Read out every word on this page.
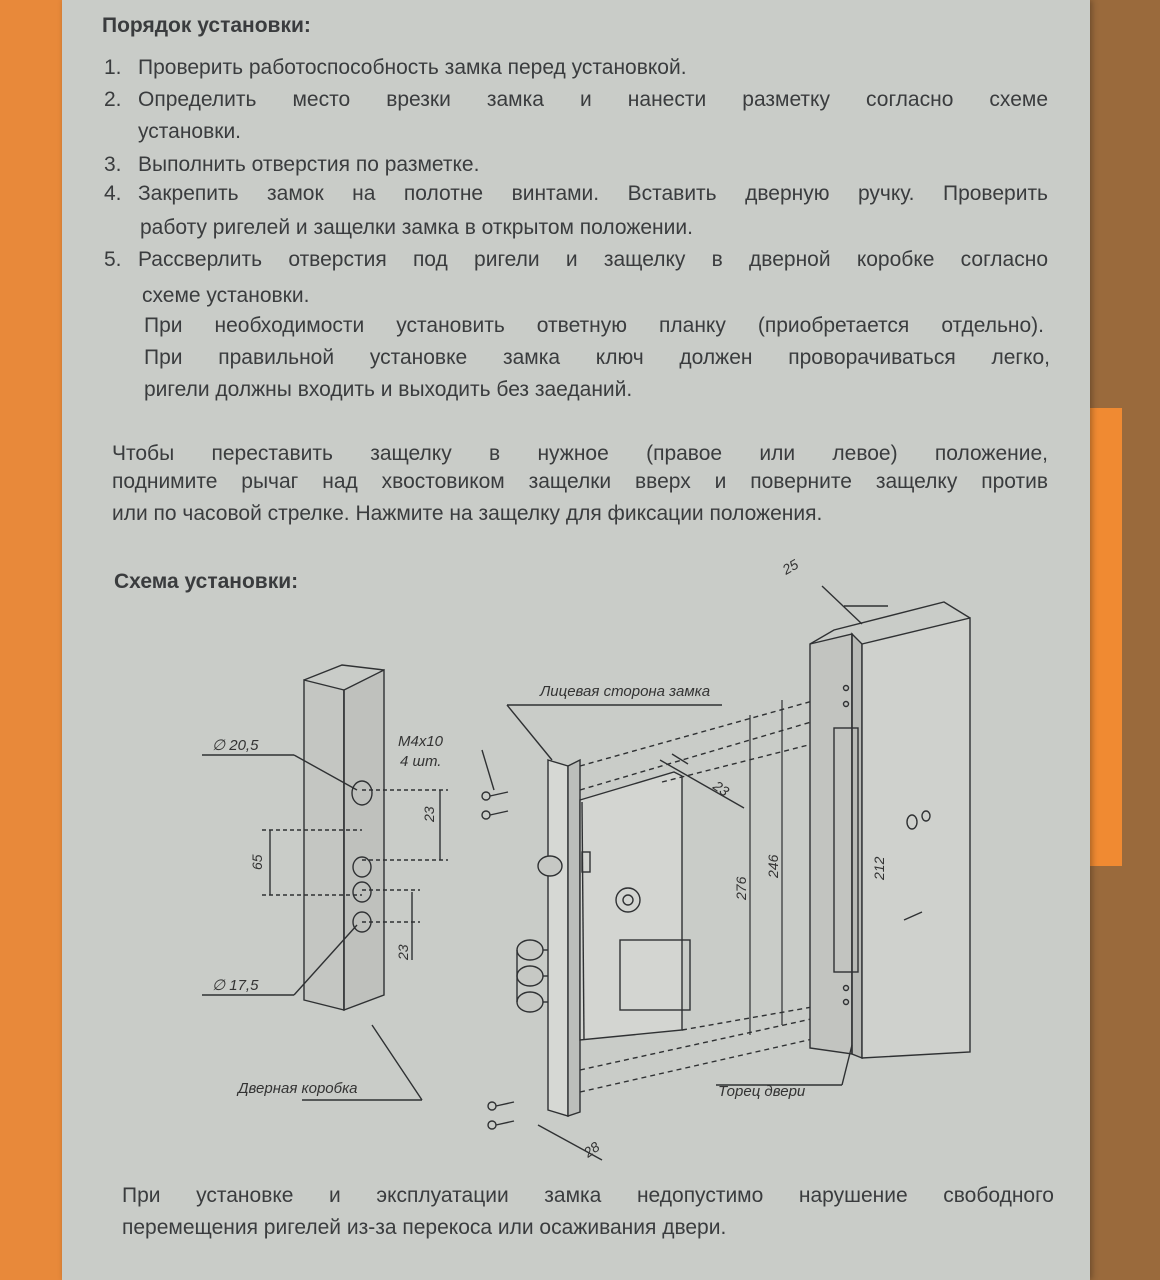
Порядок установки:
1. Проверить работоспособность замка перед установкой.
2. Определить место врезки замка и нанести разметку согласно схеме
установки.
3. Выполнить отверстия по разметке.
4. Закрепить замок на полотне винтами. Вставить дверную ручку. Проверить
работу ригелей и защелки замка в открытом положении.
5. Рассверлить отверстия под ригели и защелку в дверной коробке согласно
схеме установки.
При необходимости установить ответную планку (приобретается отдельно).
При правильной установке замка ключ должен проворачиваться легко,
ригели должны входить и выходить без заеданий.
Чтобы переставить защелку в нужное (правое или левое) положение,
поднимите рычаг над хвостовиком защелки вверх и поверните защелку против
или по часовой стрелке. Нажмите на защелку для фиксации положения.
Схема установки:
Лицевая сторона замка
M4x10
4 шт.
∅ 20,5
∅ 17,5
Дверная коробка	Торец двери
25
23
65
23
23
276
246	212
28
При установке и эксплуатации замка недопустимо нарушение свободного
перемещения ригелей из-за перекоса или осаживания двери.
